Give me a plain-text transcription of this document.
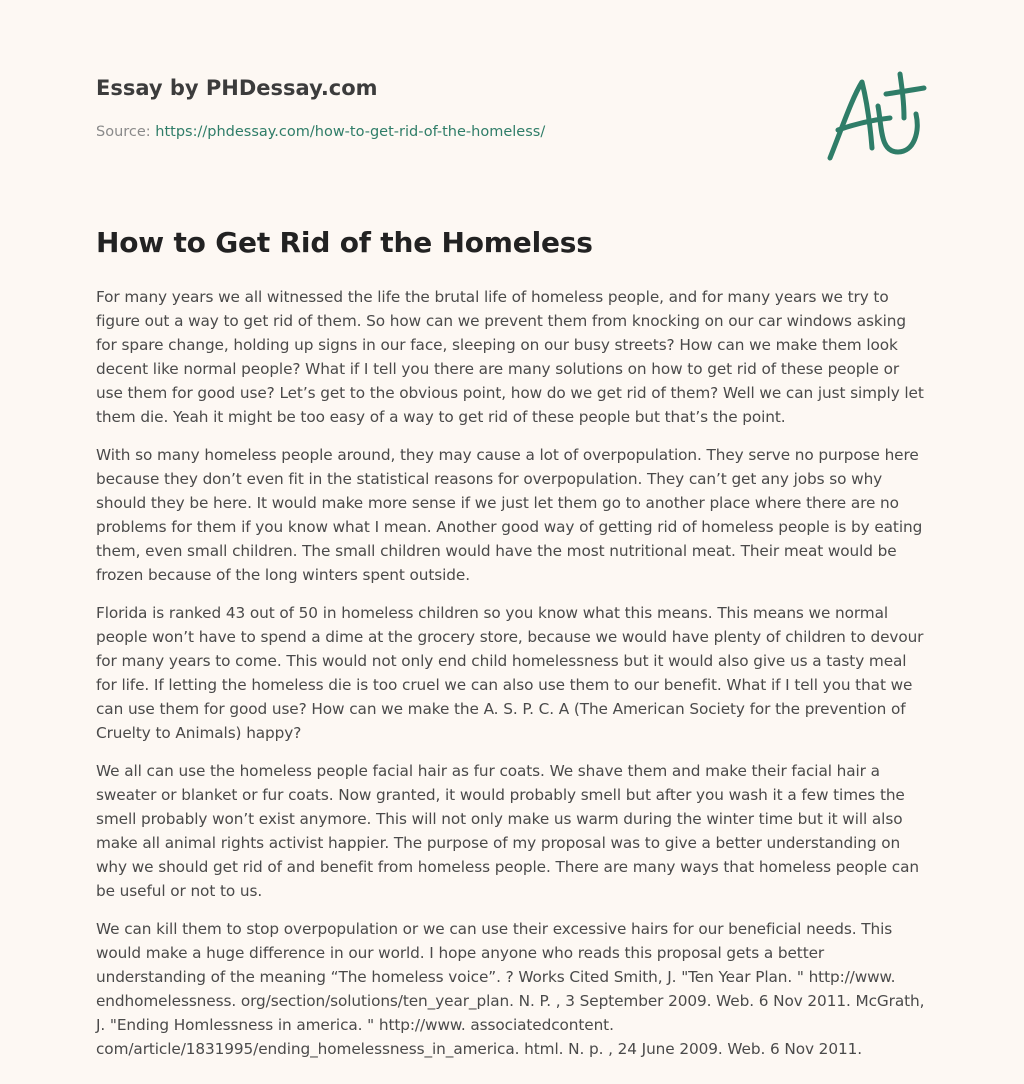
Essay by PHDessay.com
Source: https://phdessay.com/how-to-get-rid-of-the-homeless/
How to Get Rid of the Homeless

For many years we all witnessed the life the brutal life of homeless people, and for many years we try to figure out a way to get rid of them. So how can we prevent them from knocking on our car windows asking for spare change, holding up signs in our face, sleeping on our busy streets? How can we make them look decent like normal people? What if I tell you there are many solutions on how to get rid of these people or use them for good use? Let’s get to the obvious point, how do we get rid of them? Well we can just simply let them die. Yeah it might be too easy of a way to get rid of these people but that’s the point.

With so many homeless people around, they may cause a lot of overpopulation. They serve no purpose here because they don’t even fit in the statistical reasons for overpopulation. They can’t get any jobs so why should they be here. It would make more sense if we just let them go to another place where there are no problems for them if you know what I mean. Another good way of getting rid of homeless people is by eating them, even small children. The small children would have the most nutritional meat. Their meat would be frozen because of the long winters spent outside.

Florida is ranked 43 out of 50 in homeless children so you know what this means. This means we normal people won’t have to spend a dime at the grocery store, because we would have plenty of children to devour for many years to come. This would not only end child homelessness but it would also give us a tasty meal for life. If letting the homeless die is too cruel we can also use them to our benefit. What if I tell you that we can use them for good use? How can we make the A. S. P. C. A (The American Society for the prevention of Cruelty to Animals) happy?

We all can use the homeless people facial hair as fur coats. We shave them and make their facial hair a sweater or blanket or fur coats. Now granted, it would probably smell but after you wash it a few times the smell probably won’t exist anymore. This will not only make us warm during the winter time but it will also make all animal rights activist happier. The purpose of my proposal was to give a better understanding on why we should get rid of and benefit from homeless people. There are many ways that homeless people can be useful or not to us.

We can kill them to stop overpopulation or we can use their excessive hairs for our beneficial needs. This would make a huge difference in our world. I hope anyone who reads this proposal gets a better understanding of the meaning “The homeless voice”. ? Works Cited Smith, J. "Ten Year Plan. " http://www. endhomelessness. org/section/solutions/ten_year_plan. N. P. , 3 September 2009. Web. 6 Nov 2011. McGrath, J. "Ending Homlessness in america. " http://www. associatedcontent. com/article/1831995/ending_homelessness_in_america. html. N. p. , 24 June 2009. Web. 6 Nov 2011.
